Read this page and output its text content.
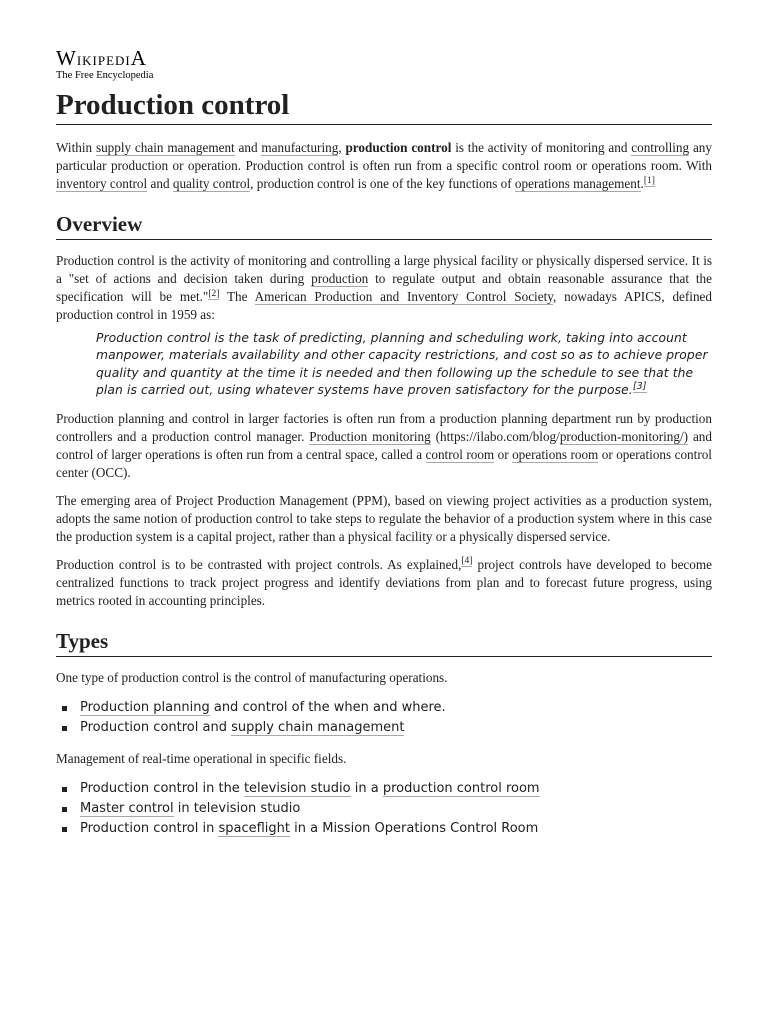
WikipediA
The Free Encyclopedia
Production control

Within supply chain management and manufacturing, production control is the activity of monitoring and controlling any particular production or operation. Production control is often run from a specific control room or operations room. With inventory control and quality control, production control is one of the key functions of operations management.[1]

Overview

Production control is the activity of monitoring and controlling a large physical facility or physically dispersed service. It is a "set of actions and decision taken during production to regulate output and obtain reasonable assurance that the specification will be met."[2] The American Production and Inventory Control Society, nowadays APICS, defined production control in 1959 as:

Production control is the task of predicting, planning and scheduling work, taking into account manpower, materials availability and other capacity restrictions, and cost so as to achieve proper quality and quantity at the time it is needed and then following up the schedule to see that the plan is carried out, using whatever systems have proven satisfactory for the purpose.[3]

Production planning and control in larger factories is often run from a production planning department run by production controllers and a production control manager. Production monitoring (https://ilabo.com/blog/production-monitoring/) and control of larger operations is often run from a central space, called a control room or operations room or operations control center (OCC).

The emerging area of Project Production Management (PPM), based on viewing project activities as a production system, adopts the same notion of production control to take steps to regulate the behavior of a production system where in this case the production system is a capital project, rather than a physical facility or a physically dispersed service.

Production control is to be contrasted with project controls. As explained,[4] project controls have developed to become centralized functions to track project progress and identify deviations from plan and to forecast future progress, using metrics rooted in accounting principles.

Types

One type of production control is the control of manufacturing operations.

Production planning and control of the when and where.
Production control and supply chain management

Management of real-time operational in specific fields.

Production control in the television studio in a production control room
Master control in television studio
Production control in spaceflight in a Mission Operations Control Room
